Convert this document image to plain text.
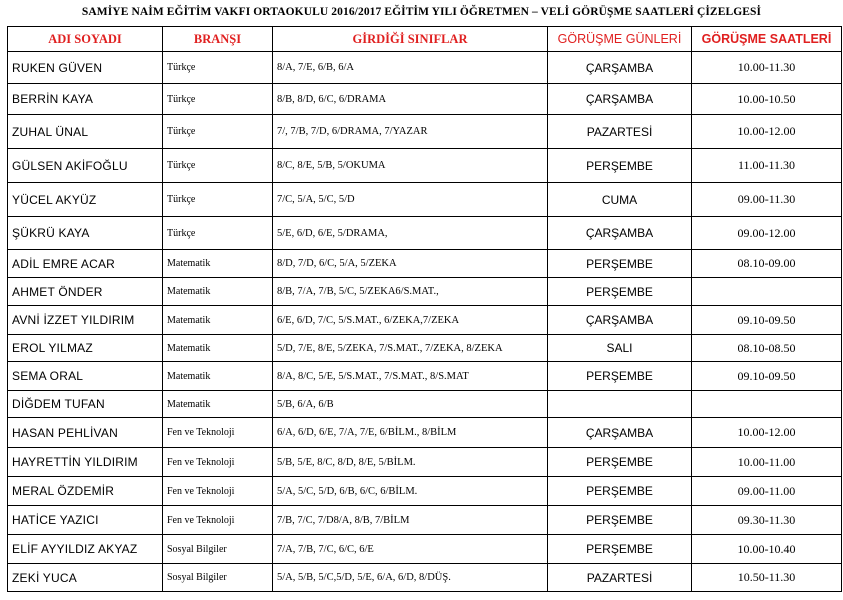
SAMİYE NAİM EĞİTİM VAKFI ORTAOKULU 2016/2017 EĞİTİM YILI ÖĞRETMEN – VELİ GÖRÜŞME SAATLERİ ÇİZELGESİ
ADI SOYADI	BRANŞI	GİRDİĞİ SINIFLAR	GÖRÜŞME GÜNLERİ	GÖRÜŞME SAATLERİ
RUKEN GÜVEN	Türkçe	8/A, 7/E, 6/B, 6/A	ÇARŞAMBA	10.00-11.30
BERRİN KAYA	Türkçe	8/B, 8/D, 6/C, 6/DRAMA	ÇARŞAMBA	10.00-10.50
ZUHAL ÜNAL	Türkçe	7/, 7/B, 7/D, 6/DRAMA, 7/YAZAR	PAZARTESİ	10.00-12.00
GÜLSEN AKİFOĞLU	Türkçe	8/C, 8/E, 5/B, 5/OKUMA	PERŞEMBE	11.00-11.30
YÜCEL AKYÜZ	Türkçe	7/C, 5/A, 5/C, 5/D	CUMA	09.00-11.30
ŞÜKRÜ KAYA	Türkçe	5/E, 6/D, 6/E, 5/DRAMA,	ÇARŞAMBA	09.00-12.00
ADİL EMRE ACAR	Matematik	8/D, 7/D, 6/C, 5/A, 5/ZEKA	PERŞEMBE	08.10-09.00
AHMET ÖNDER	Matematik	8/B, 7/A, 7/B, 5/C, 5/ZEKA6/S.MAT.,	PERŞEMBE	
AVNİ İZZET YILDIRIM	Matematik	6/E, 6/D, 7/C, 5/S.MAT., 6/ZEKA,7/ZEKA	ÇARŞAMBA	09.10-09.50
EROL YILMAZ	Matematik	5/D, 7/E, 8/E, 5/ZEKA, 7/S.MAT., 7/ZEKA, 8/ZEKA	SALI	08.10-08.50
SEMA ORAL	Matematik	8/A, 8/C, 5/E, 5/S.MAT., 7/S.MAT., 8/S.MAT	PERŞEMBE	09.10-09.50
DİĞDEM TUFAN	Matematik	5/B, 6/A, 6/B		
HASAN PEHLİVAN	Fen ve Teknoloji	6/A, 6/D, 6/E, 7/A, 7/E, 6/BİLM., 8/BİLM	ÇARŞAMBA	10.00-12.00
HAYRETTİN YILDIRIM	Fen ve Teknoloji	5/B, 5/E, 8/C, 8/D, 8/E, 5/BİLM.	PERŞEMBE	10.00-11.00
MERAL ÖZDEMİR	Fen ve Teknoloji	5/A, 5/C, 5/D, 6/B, 6/C, 6/BİLM.	PERŞEMBE	09.00-11.00
HATİCE YAZICI	Fen ve Teknoloji	7/B, 7/C, 7/D8/A, 8/B, 7/BİLM	PERŞEMBE	09.30-11.30
ELİF AYYILDIZ AKYAZ	Sosyal Bilgiler	7/A, 7/B, 7/C, 6/C, 6/E	PERŞEMBE	10.00-10.40
ZEKİ YUCA	Sosyal Bilgiler	5/A, 5/B, 5/C,5/D, 5/E, 6/A, 6/D, 8/DÜŞ.	PAZARTESİ	10.50-11.30
